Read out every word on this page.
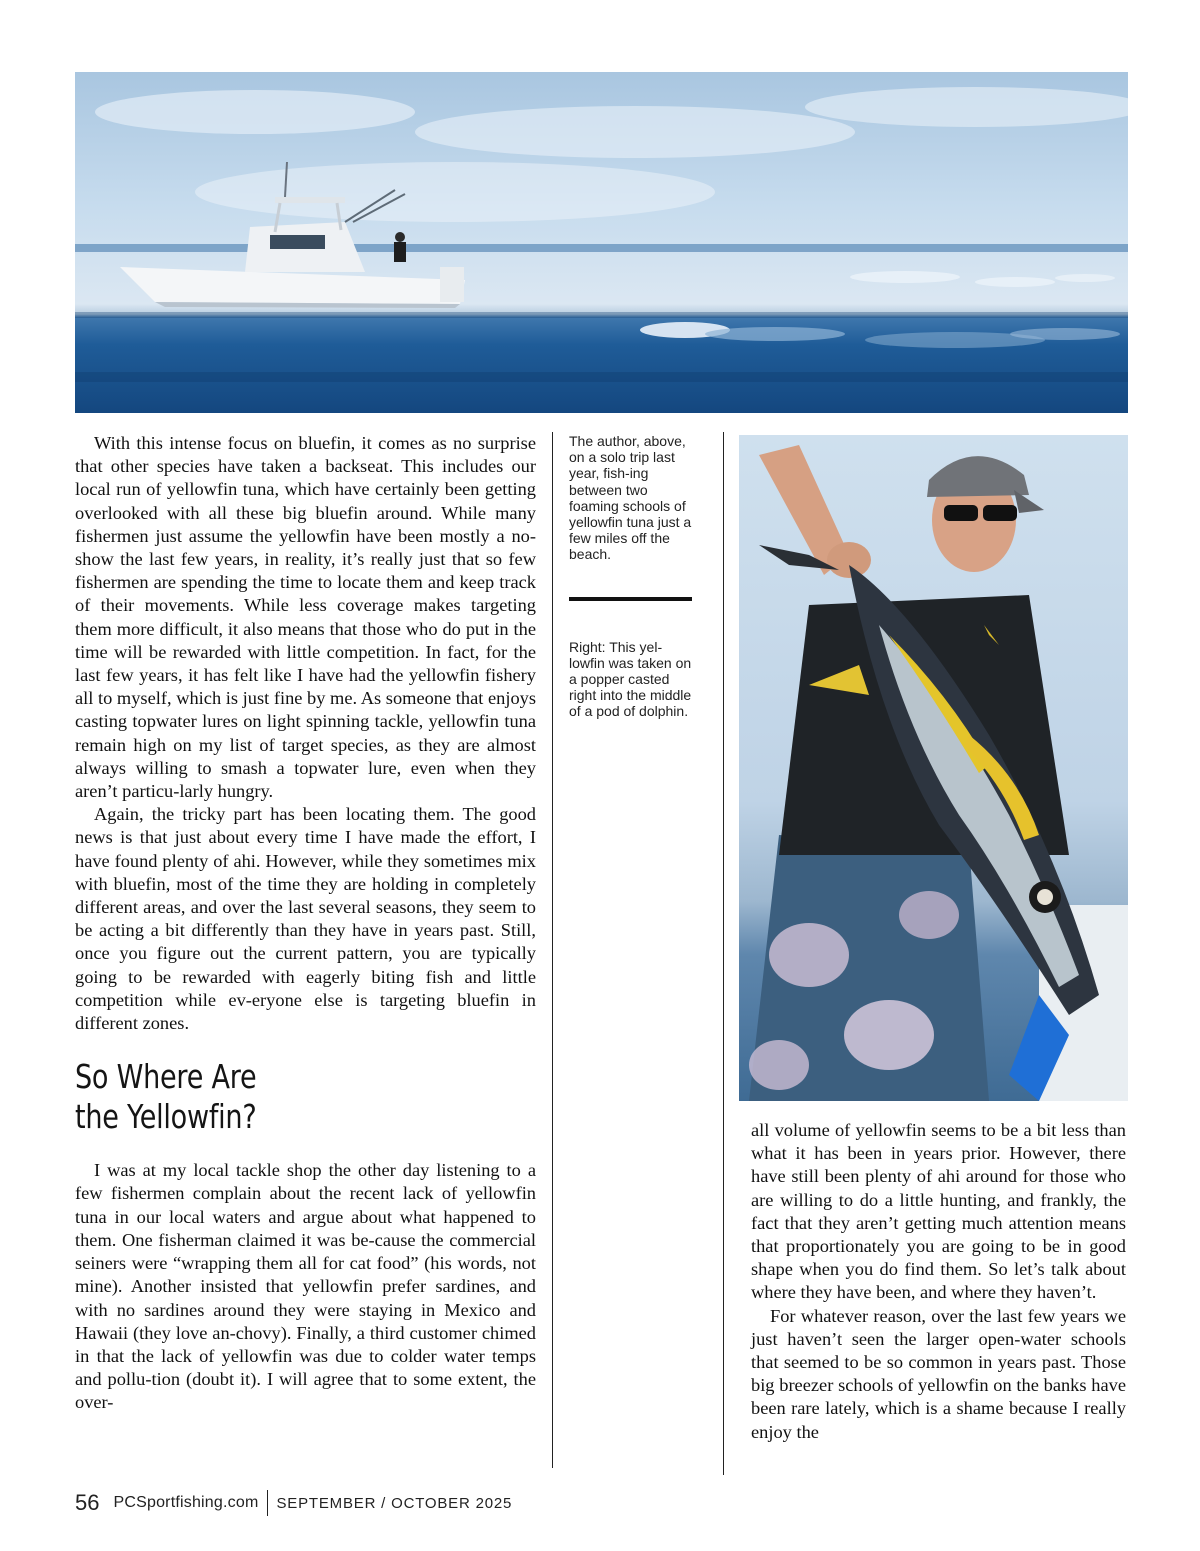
With this intense focus on bluefin, it comes as no surprise that other species have taken a backseat. This includes our local run of yellowfin tuna, which have certainly been getting overlooked with all these big bluefin around. While many fishermen just assume the yellowfin have been mostly a no-show the last few years, in reality, it’s really just that so few fishermen are spending the time to locate them and keep track of their movements. While less coverage makes targeting them more difficult, it also means that those who do put in the time will be rewarded with little competition. In fact, for the last few years, it has felt like I have had the yellowfin fishery all to myself, which is just fine by me. As someone that enjoys casting topwater lures on light spinning tackle, yellowfin tuna remain high on my list of target species, as they are almost always willing to smash a topwater lure, even when they aren’t particu-larly hungry.

Again, the tricky part has been locating them. The good news is that just about every time I have made the effort, I have found plenty of ahi. However, while they sometimes mix with bluefin, most of the time they are holding in completely different areas, and over the last several seasons, they seem to be acting a bit differently than they have in years past. Still, once you figure out the current pattern, you are typically going to be rewarded with eagerly biting fish and little competition while ev-eryone else is targeting bluefin in different zones.

So Where Are
the Yellowfin?

I was at my local tackle shop the other day listening to a few fishermen complain about the recent lack of yellowfin tuna in our local waters and argue about what happened to them. One fisherman claimed it was be-cause the commercial seiners were “wrapping them all for cat food” (his words, not mine). Another insisted that yellowfin prefer sardines, and with no sardines around they were staying in Mexico and Hawaii (they love an-chovy). Finally, a third customer chimed in that the lack of yellowfin was due to colder water temps and pollu-tion (doubt it). I will agree that to some extent, the over-

The author, above, on a solo trip last year, fish-ing between two foaming schools of yellowfin tuna just a few miles off the beach.
Right: This yel-lowfin was taken on a popper casted right into the middle of a pod of dolphin.

all volume of yellowfin seems to be a bit less than what it has been in years prior. However, there have still been plenty of ahi around for those who are willing to do a little hunting, and frankly, the fact that they aren’t getting much attention means that proportionately you are going to be in good shape when you do find them. So let’s talk about where they have been, and where they haven’t.

For whatever reason, over the last few years we just haven’t seen the larger open-water schools that seemed to be so common in years past. Those big breezer schools of yellowfin on the banks have been rare lately, which is a shame because I really enjoy the

56 PCSportfishing.com SEPTEMBER / OCTOBER 2025
